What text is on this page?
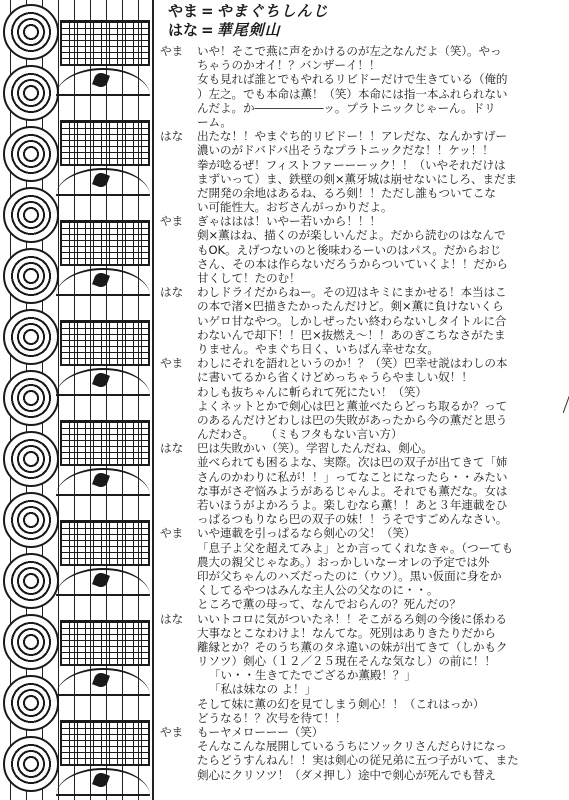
やま = やまぐちしんじ
はな = 華尾剣山
やま	いや！そこで燕に声をかけるのが左之なんだよ（笑）。やっ
ちゃうのかオイ！？バンザーイ！！
女も見れば誰とでもやれるリビドーだけで生きている（俺的
）左之。でも本命は薫！（笑）本命には指一本ふれられない
んだよ。か――――――ッ。プラトニックじゃーん。ドリ
ーム。
はな	出たな！！やまぐち的リビドー！！アレだな、なんかすげー
濃いのがドバドバ出そうなプラトニックだな！！ケッ！！
拳が唸るぜ！フィストファーーーック！！（いやそれだけは
まずいって）ま、鉄壁の剣×薫牙城は崩せないにしろ、まだま
だ開発の余地はあるね、るろ剣！！ただし誰もついてこな
い可能性大。おぢさんがっかりだよ。
やま	ぎゃははは！いやー若いから！！！
剣×薫はね、描くのが楽しいんだよ。だから読むのはなんで
もOK。えげつないのと後味わるーいのはパス。だからおじ
さん、その本は作らないだろうからついていくよ！！だから
甘くして！たのむ！
はな	わしドライだからねー。その辺はキミにまかせる！本当はこ
の本で渚×巴描きたかったんだけど。剣×薫に負けないくら
いゲロ甘なやつ。しかしぜったい終わらないしタイトルに合
わないんで却下！！巴×抜燃え～！！あのぎこちなさがたま
りません。やまぐち日く、いちばん幸せな女。
やま	わしにそれを語れというのか！？（笑）巴幸せ説はわしの本
に書いてるから省くけどめっちゃうらやましい奴！！
わしも抜ちゃんに斬られて死にたい！（笑）
よくネットとかで剣心は巴と薫並べたらどっち取るか？って
のあるんだけどわしは巴の失敗があったから今の薫だと思う
んだわさ。　　（ミもフタもない言い方）
はな	巴は失敗かい（笑）。学習したんだね、剣心。
並べられても困るよな、実際。次は巴の双子が出てきて「姉
さんのかわりに私が！！」ってなことになったら・・みたい
な事がさぞ悩みようがあるじゃんよ。それでも薫だな。女は
若いほうがよかろうよ。楽しむなら薫！！あと３年連載をひ
っぱるつもりなら巴の双子の妹！！うそですごめんなさい。
やま	いや連載を引っぱるなら剣心の父！（笑）
「息子よ父を超えてみよ」とか言ってくれなきゃ。（つーても
農大の親父じゃなあ。）おっかしいなーオレの予定では外
印が父ちゃんのハズだったのに（ウソ）。黒い仮面に身をか
くしてるやつはみんな主人公の父なのに・・。
ところで薫の母って、なんでおらんの？死んだの？
はな	いいトコロに気がついたネ！！そこがるろ剣の今後に係わる
大事なとこなわけよ！なんてな。死別はありきたりだから
離縁とか？そのうち薫のタネ違いの妹が出てきて（しかもク
リソツ）剣心（１２／２５現在そんな気なし）の前に！！
「い・・生きてたでござるか薫殿！？」
「私は妹なの よ！」
そして妹に薫の幻を見てしまう剣心！！（これはっか）
どうなる！？次号を待て！！
やま	もーヤメローーー（笑）
そんなこんな展開しているうちにソックリさんだらけになっ
たらどうすんねん！！実は剣心の従兄弟に五つ子がいて、また
剣心にクリソツ！（ダメ押し）途中で剣心が死んでも替え
